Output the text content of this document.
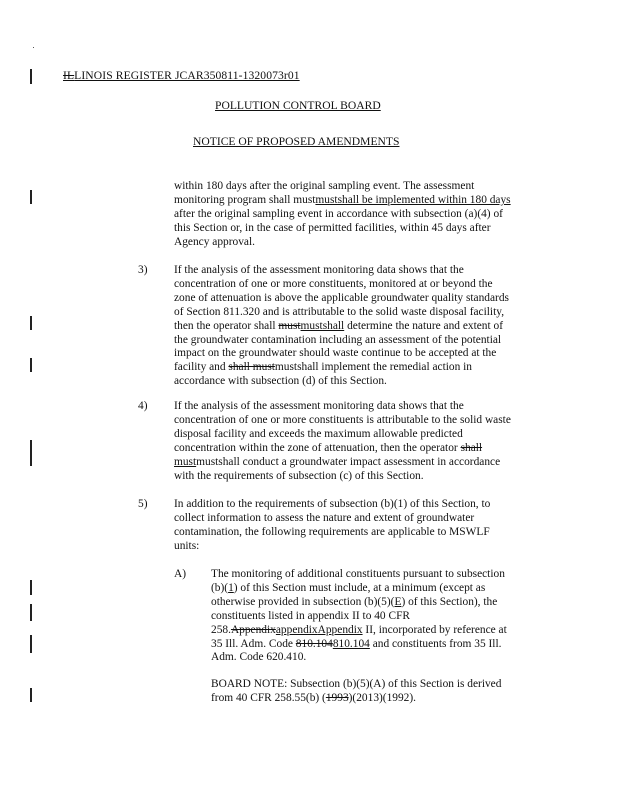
ILLINOIS REGISTER JCAR350811-1320073r01
POLLUTION CONTROL BOARD
NOTICE OF PROPOSED AMENDMENTS
within 180 days after the original sampling event. The assessment
monitoring program shall mustmustshall be implemented within 180 days
after the original sampling event in accordance with subsection (a)(4) of
this Section or, in the case of permitted facilities, within 45 days after
Agency approval.
3) If the analysis of the assessment monitoring data shows that the
concentration of one or more constituents, monitored at or beyond the
zone of attenuation is above the applicable groundwater quality standards
of Section 811.320 and is attributable to the solid waste disposal facility,
then the operator shall mustmustshall determine the nature and extent of
the groundwater contamination including an assessment of the potential
impact on the groundwater should waste continue to be accepted at the
facility and shall mustmustshall implement the remedial action in
accordance with subsection (d) of this Section.
4) If the analysis of the assessment monitoring data shows that the
concentration of one or more constituents is attributable to the solid waste
disposal facility and exceeds the maximum allowable predicted
concentration within the zone of attenuation, then the operator shall
mustmustshall conduct a groundwater impact assessment in accordance
with the requirements of subsection (c) of this Section.
5) In addition to the requirements of subsection (b)(1) of this Section, to
collect information to assess the nature and extent of groundwater
contamination, the following requirements are applicable to MSWLF
units:
A) The monitoring of additional constituents pursuant to subsection
(b)(1) of this Section must include, at a minimum (except as
otherwise provided in subsection (b)(5)(E) of this Section), the
constituents listed in appendix II to 40 CFR
258.AppendixappendixAppendix II, incorporated by reference at
35 Ill. Adm. Code 810.104810.104 and constituents from 35 Ill.
Adm. Code 620.410.
BOARD NOTE: Subsection (b)(5)(A) of this Section is derived
from 40 CFR 258.55(b) (1993)(2013)(1992).
